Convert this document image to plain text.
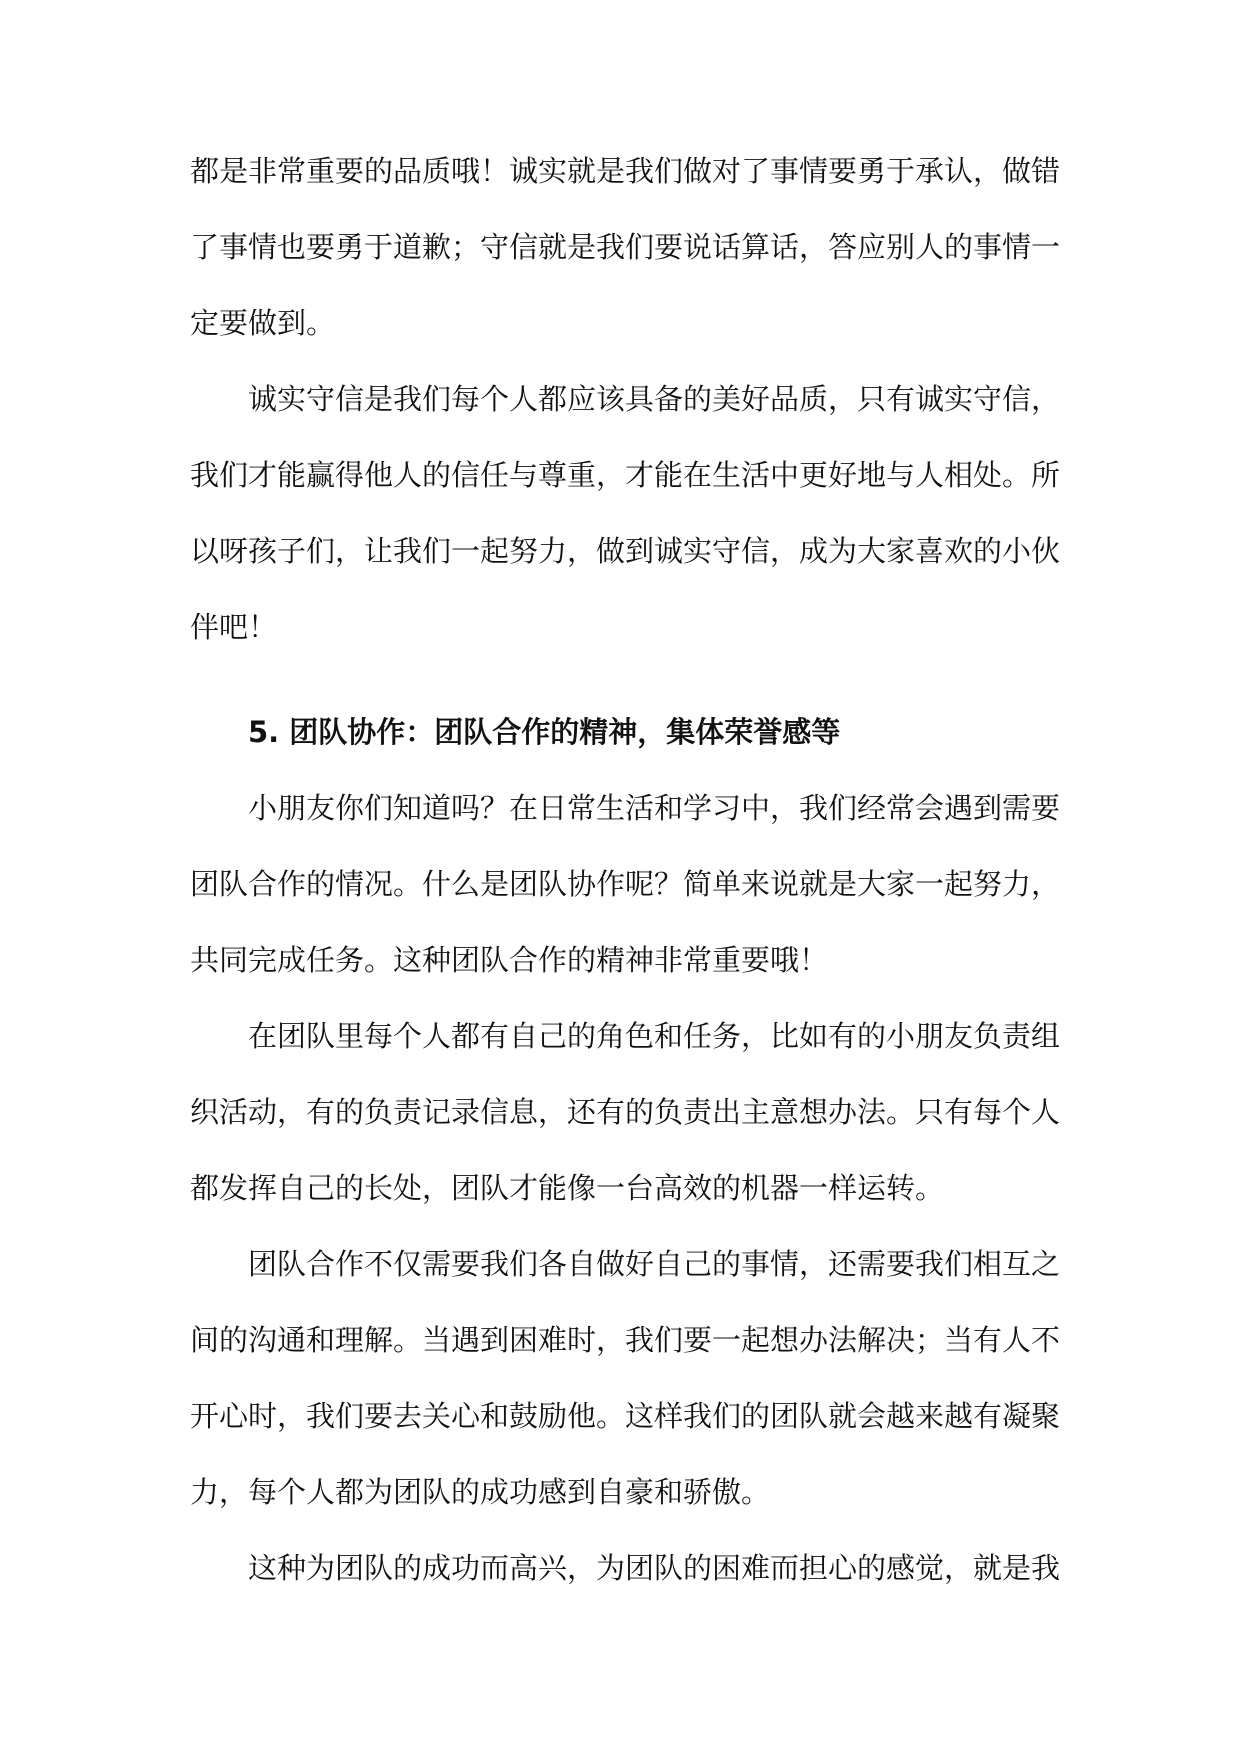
都是非常重要的品质哦！诚实就是我们做对了事情要勇于承认，做错
了事情也要勇于道歉；守信就是我们要说话算话，答应别人的事情一
定要做到。
诚实守信是我们每个人都应该具备的美好品质，只有诚实守信，
我们才能赢得他人的信任与尊重，才能在生活中更好地与人相处。所
以呀孩子们，让我们一起努力，做到诚实守信，成为大家喜欢的小伙
伴吧！
5. 团队协作：团队合作的精神，集体荣誉感等
小朋友你们知道吗？在日常生活和学习中，我们经常会遇到需要
团队合作的情况。什么是团队协作呢？简单来说就是大家一起努力，
共同完成任务。这种团队合作的精神非常重要哦！
在团队里每个人都有自己的角色和任务，比如有的小朋友负责组
织活动，有的负责记录信息，还有的负责出主意想办法。只有每个人
都发挥自己的长处，团队才能像一台高效的机器一样运转。
团队合作不仅需要我们各自做好自己的事情，还需要我们相互之
间的沟通和理解。当遇到困难时，我们要一起想办法解决；当有人不
开心时，我们要去关心和鼓励他。这样我们的团队就会越来越有凝聚
力，每个人都为团队的成功感到自豪和骄傲。
这种为团队的成功而高兴，为团队的困难而担心的感觉，就是我
